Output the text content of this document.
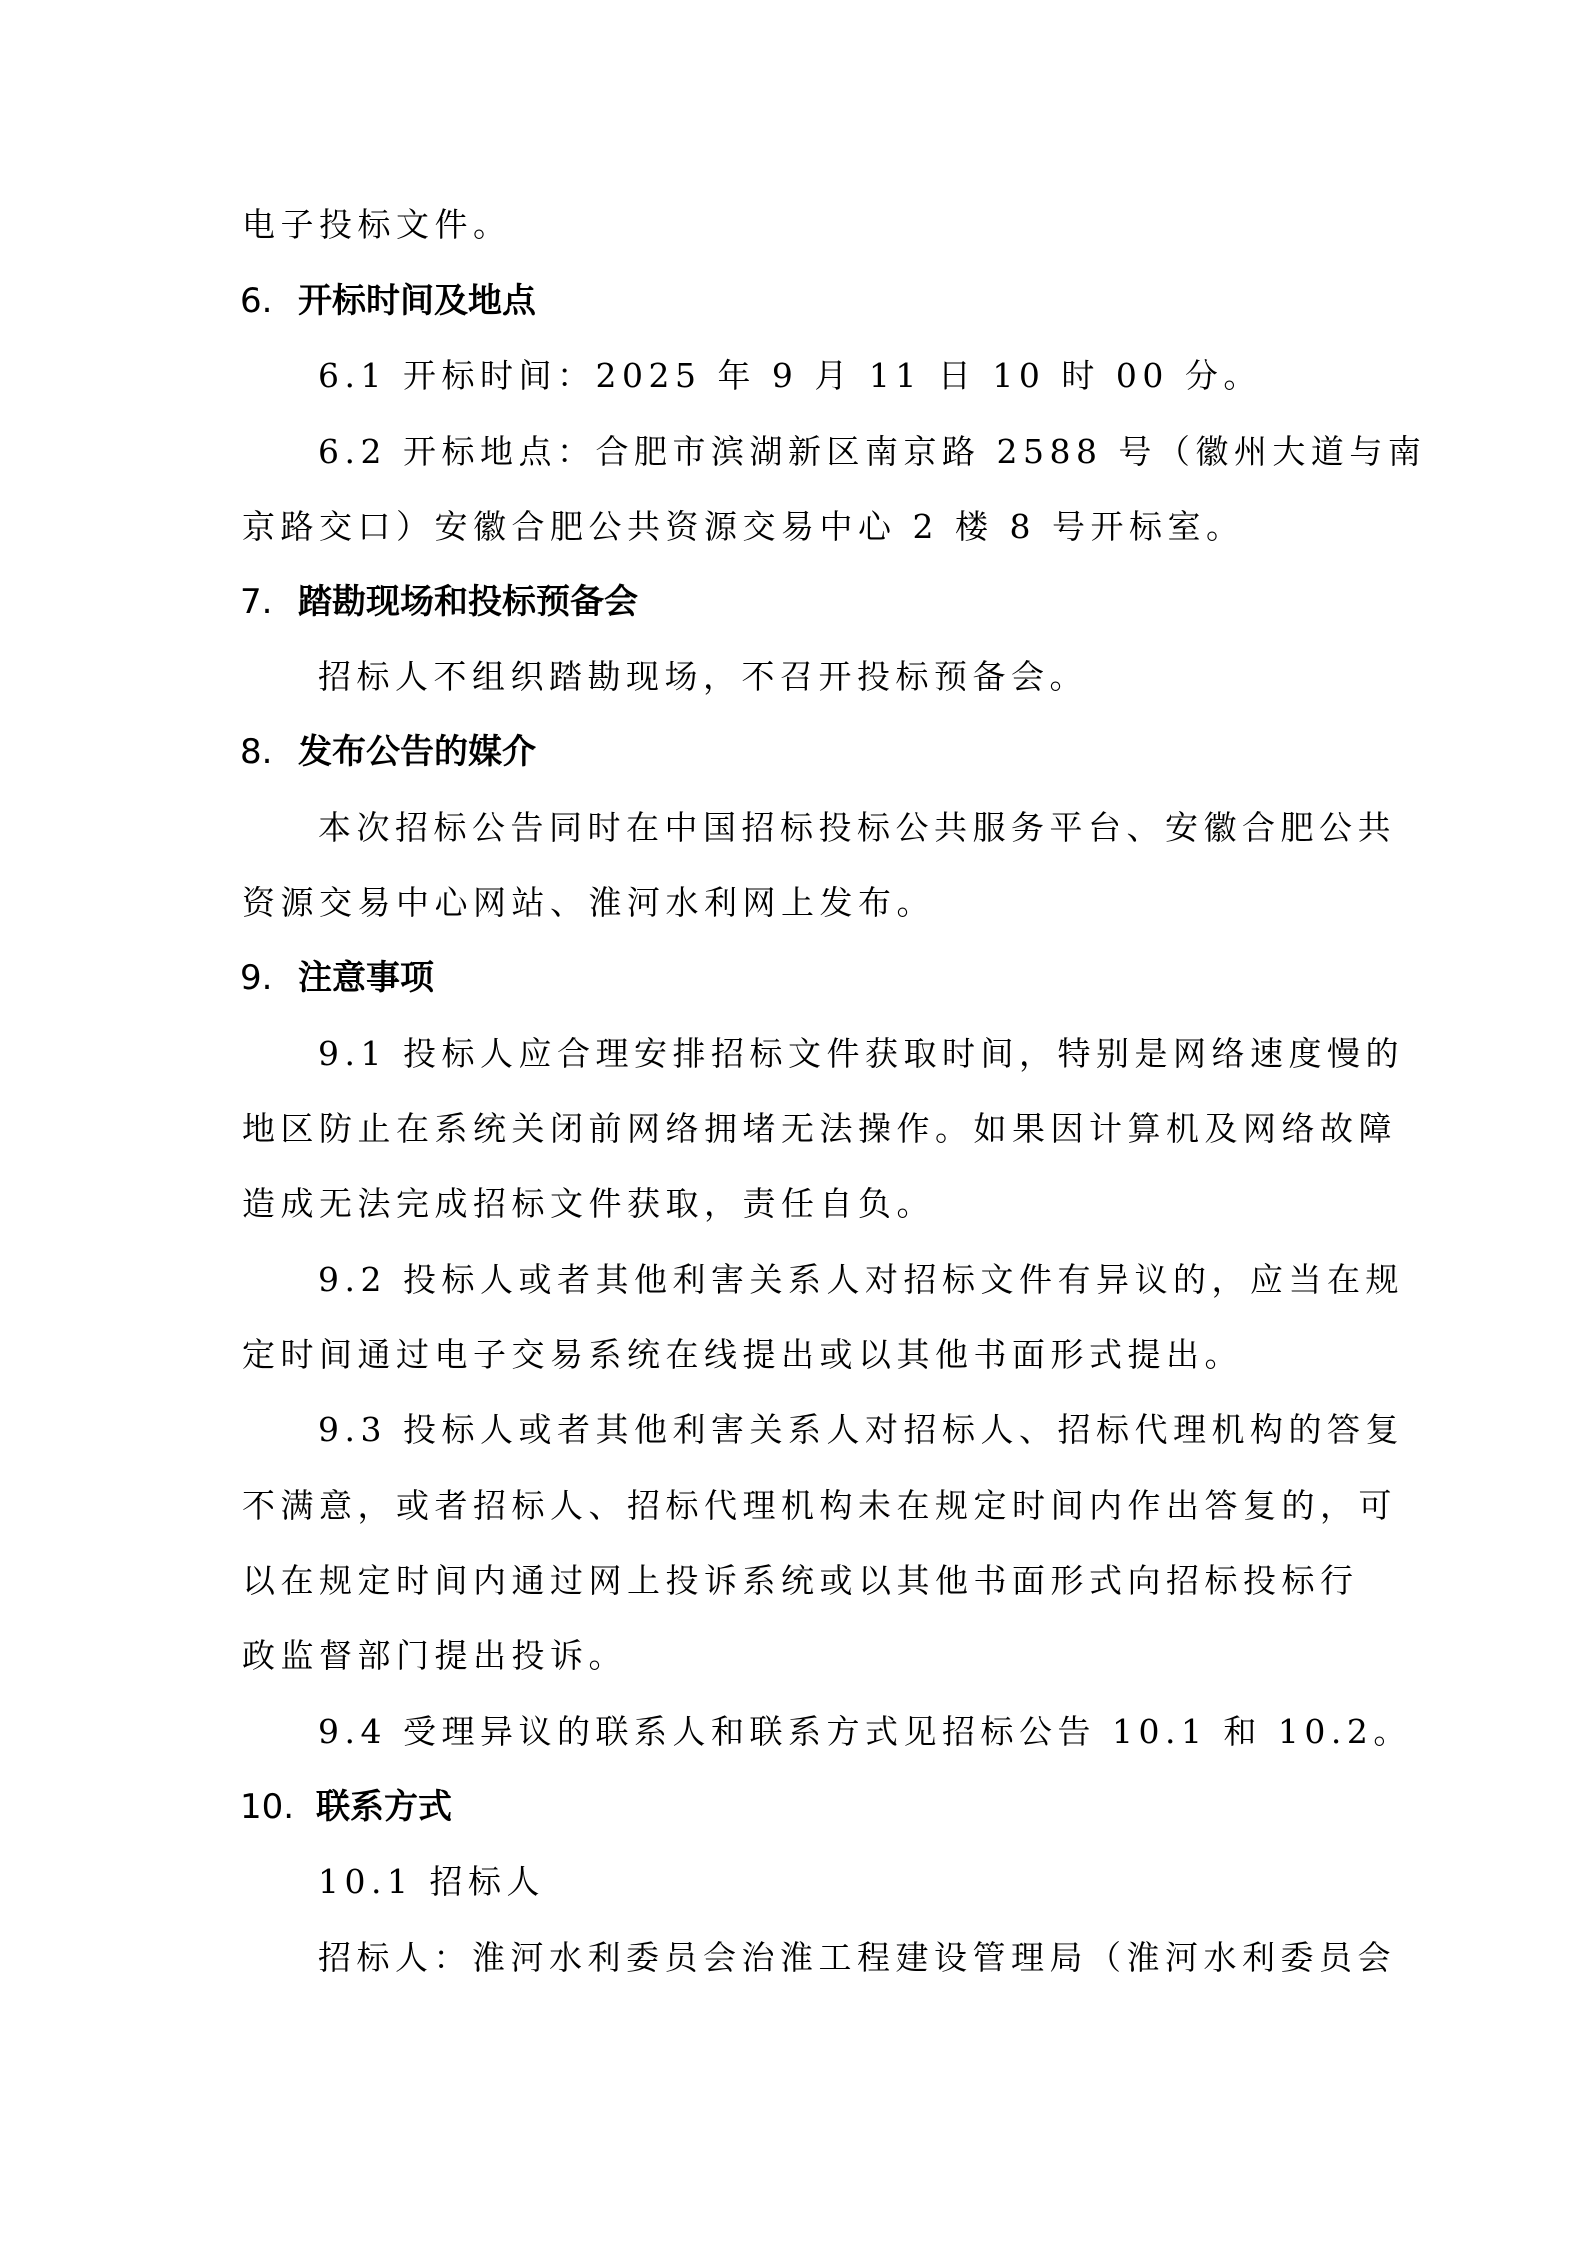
电子投标文件。
6. 开标时间及地点
6.1 开标时间：2025 年 9 月 11 日 10 时 00 分。
6.2 开标地点：合肥市滨湖新区南京路 2588 号（徽州大道与南
京路交口）安徽合肥公共资源交易中心 2 楼 8 号开标室。
7. 踏勘现场和投标预备会
招标人不组织踏勘现场，不召开投标预备会。
8. 发布公告的媒介
本次招标公告同时在中国招标投标公共服务平台、安徽合肥公共
资源交易中心网站、淮河水利网上发布。
9. 注意事项
9.1 投标人应合理安排招标文件获取时间，特别是网络速度慢的
地区防止在系统关闭前网络拥堵无法操作。如果因计算机及网络故障
造成无法完成招标文件获取，责任自负。
9.2 投标人或者其他利害关系人对招标文件有异议的，应当在规
定时间通过电子交易系统在线提出或以其他书面形式提出。
9.3 投标人或者其他利害关系人对招标人、招标代理机构的答复
不满意，或者招标人、招标代理机构未在规定时间内作出答复的，可
以在规定时间内通过网上投诉系统或以其他书面形式向招标投标行
政监督部门提出投诉。
9.4 受理异议的联系人和联系方式见招标公告 10.1 和 10.2。
10. 联系方式
10.1 招标人
招标人：淮河水利委员会治淮工程建设管理局（淮河水利委员会
